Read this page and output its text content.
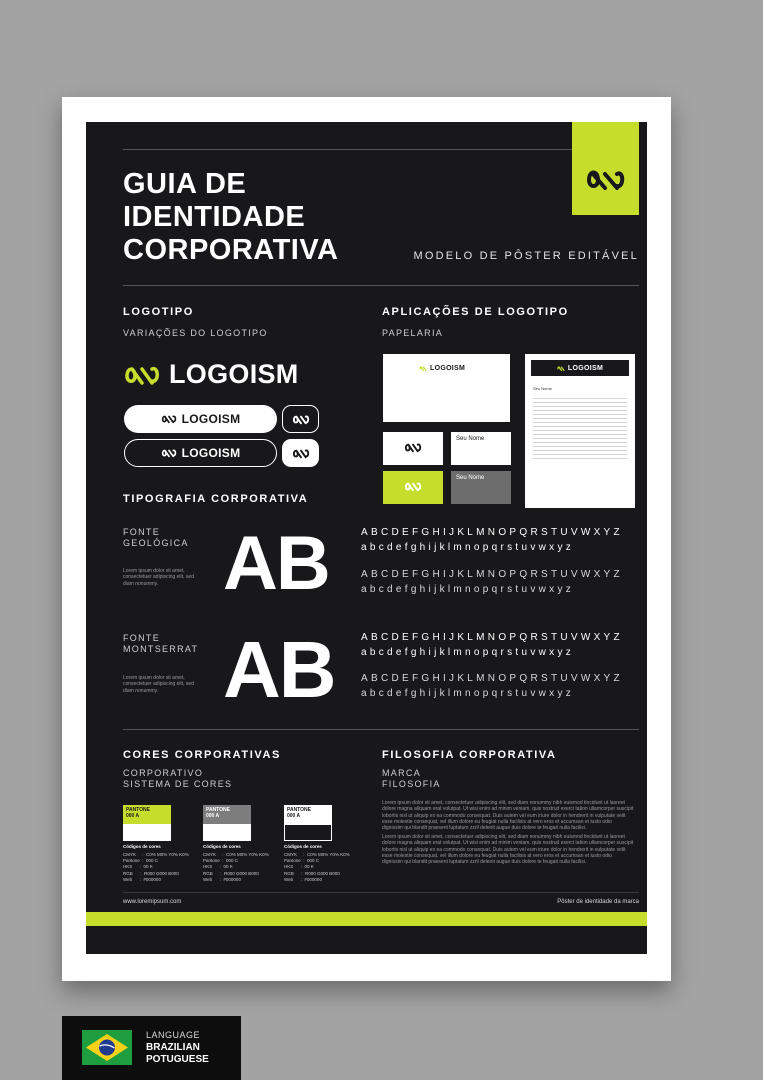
GUIA DE
IDENTIDADE
CORPORATIVA	MODELO DE PÔSTER EDITÁVEL
LOGOTIPO
VARIAÇÕES DO LOGOTIPO
LOGOISM
LOGOISM
LOGOISM
APLICAÇÕES DE LOGOTIPO
PAPELARIA
LOGOISM	LOGOISM
Seu Nome
Seu Nome
Seu Nome
TIPOGRAFIA CORPORATIVA
FONTE
GEOLÓGICA
Lorem ipsum dolor sit amet, consectetuer adipiscing elit, sed diam nonummy. AB	ABCDEFGHIJKLMNOPQRSTUVWXYZ
abcdefghijklmnopqrstuvwxyz
ABCDEFGHIJKLMNOPQRSTUVWXYZ
abcdefghijklmnopqrstuvwxyz
FONTE
MONTSERRAT
Lorem ipsum dolor sit amet, consectetuer adipiscing elit, sed diam nonummy. AB	ABCDEFGHIJKLMNOPQRSTUVWXYZ
abcdefghijklmnopqrstuvwxyz
ABCDEFGHIJKLMNOPQRSTUVWXYZ
abcdefghijklmnopqrstuvwxyz
CORES CORPORATIVAS
CORPORATIVO
SISTEMA DE CORES
PANTONE
000 A
Códigos de cores
CMYK     :  C0% M0% Y0% K0%
Pantone  :  000 C
HKS      :  00 K
RGB      :  R000 G000 B000
Web      :  #000000
PANTONE
000 A
Códigos de cores
CMYK     :  C0% M0% Y0% K0%
Pantone  :  000 C
HKS      :  00 K
RGB      :  R000 G000 B000
Web      :  #000000
PANTONE
000 A
Códigos de cores
CMYK     :  C0% M0% Y0% K0%
Pantone  :  000 C
HKS      :  00 K
RGB      :  R000 G000 B000
Web      :  #000000
FILOSOFIA CORPORATIVA
MARCA
FILOSOFIA
Lorem ipsum dolor sit amet, consectetuer adipiscing elit, sed diam nonummy nibh euismod tincidunt ut laoreet dolore magna aliquam erat volutpat. Ut wisi enim ad minim veniam, quis nostrud exerci tation ullamcorper suscipit lobortis nisl ut aliquip ex ea commodo consequat. Duis autem vel eum iriure dolor in hendrerit in vulputate velit esse molestie consequat, vel illum dolore eu feugiat nulla facilisis at vero eros et accumsan et iusto odio dignissim qui blandit praesent luptatum zzril delenit augue duis dolore te feugait nulla facilisi.
Lorem ipsum dolor sit amet, consectetuer adipiscing elit, sed diam nonummy nibh euismod tincidunt ut laoreet dolore magna aliquam erat volutpat. Ut wisi enim ad minim veniam, quis nostrud exerci tation ullamcorper suscipit lobortis nisl ut aliquip ex ea commodo consequat. Duis autem vel eum iriure dolor in hendrerit in vulputate velit esse molestie consequat, vel illum dolore eu feugiat nulla facilisis at vero eros et accumsan et iusto odio dignissim qui blandit praesent luptatum zzril delenit augue duis dolore te feugait nulla facilisi.
www.loremipsum.com	Pôster de identidade da marca
LANGUAGE
BRAZILIAN
POTUGUESE
